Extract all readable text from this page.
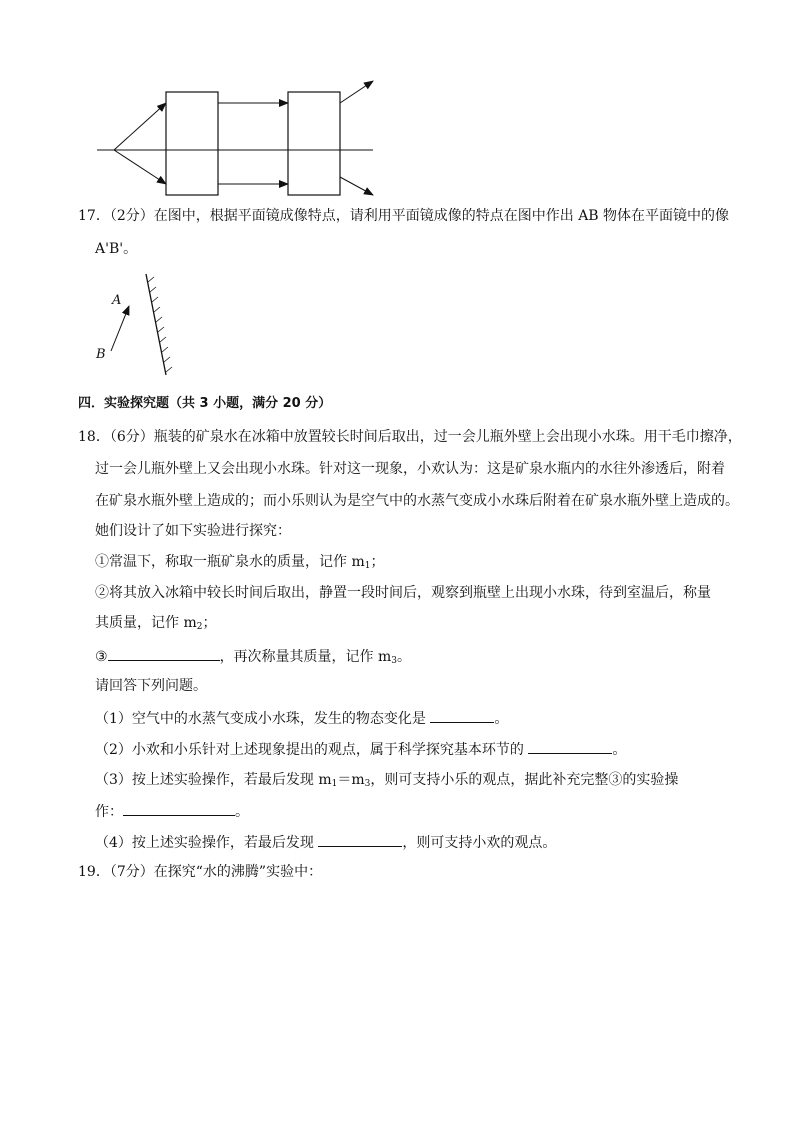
17．（2分）在图中，根据平面镜成像特点，请利用平面镜成像的特点在图中作出 AB 物体在平面镜中的像
A'B'。
A
B
四．实验探究题（共 3 小题，满分 20 分）
18．（6分）瓶装的矿泉水在冰箱中放置较长时间后取出，过一会儿瓶外壁上会出现小水珠。用干毛巾擦净，
过一会儿瓶外壁上又会出现小水珠。针对这一现象，小欢认为：这是矿泉水瓶内的水往外渗透后，附着
在矿泉水瓶外壁上造成的；而小乐则认为是空气中的水蒸气变成小水珠后附着在矿泉水瓶外壁上造成的。
她们设计了如下实验进行探究：
①常温下，称取一瓶矿泉水的质量，记作 $m_1$；
②将其放入冰箱中较长时间后取出，静置一段时间后，观察到瓶壁上出现小水珠，待到室温后，称量
其质量，记作 $m_2$；
③	，再次称量其质量，记作 $m_3$。
请回答下列问题。
（1）空气中的水蒸气变成小水珠，发生的物态变化是	。
（2）小欢和小乐针对上述现象提出的观点，属于科学探究基本环节的	。
（3）按上述实验操作，若最后发现 $m_1=m_3$，则可支持小乐的观点，据此补充完整③的实验操
作：	。
（4）按上述实验操作，若最后发现	，则可支持小欢的观点。
19．（7分）在探究“水的沸腾”实验中：
